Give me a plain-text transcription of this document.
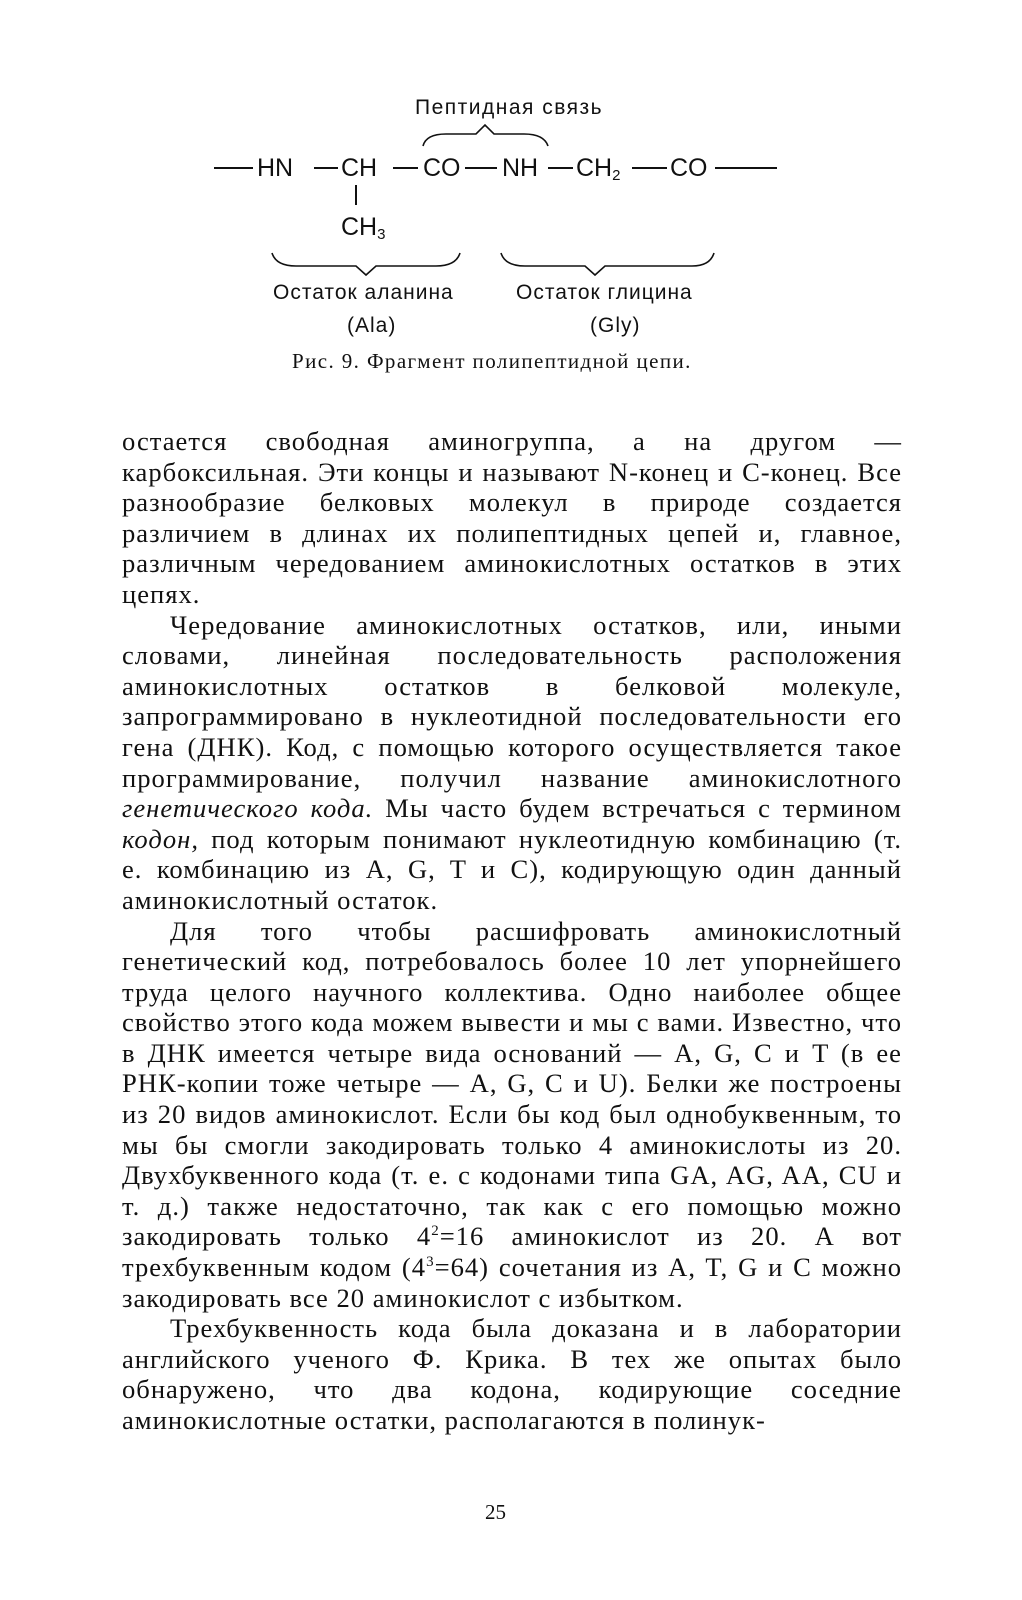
Пептидная связь
HN CH CO NH $CH_2$ CO
$CH_3$
Остаток аланина
(Ala)
Остаток глицина
(Gly)
Рис. 9. Фрагмент полипептидной цепи.

остается свободная аминогруппа, а на другом — карбоксильная. Эти концы и называют N-конец и C-конец. Все разнообразие белковых молекул в природе создается различием в длинах их полипептидных цепей и, главное, различным чередованием аминокислотных остатков в этих цепях.

Чередование аминокислотных остатков, или, иными словами, линейная последовательность расположения аминокислотных остатков в белковой молекуле, запрограммировано в нуклеотидной последовательности его гена (ДНК). Код, с помощью которого осуществляется такое программирование, получил название аминокислотного генетического кода. Мы часто будем встречаться с термином кодон, под которым понимают нуклеотидную комбинацию (т. е. комбинацию из A, G, T и C), кодирующую один данный аминокислотный остаток.

Для того чтобы расшифровать аминокислотный генетический код, потребовалось более 10 лет упорнейшего труда целого научного коллектива. Одно наиболее общее свойство этого кода можем вывести и мы с вами. Известно, что в ДНК имеется четыре вида оснований — A, G, C и T (в ее РНК-копии тоже четыре — A, G, C и U). Белки же построены из 20 видов аминокислот. Если бы код был однобуквенным, то мы бы смогли закодировать только 4 аминокислоты из 20. Двухбуквенного кода (т. е. с кодонами типа GA, AG, AA, CU и т. д.) также недостаточно, так как с его помощью можно закодировать только $4^2=16$ аминокислот из 20. А вот трехбуквенным кодом $(4^3=64)$ сочетания из A, T, G и C можно закодировать все 20 аминокислот с избытком.

Трехбуквенность кода была доказана и в лаборатории английского ученого Ф. Крика. В тех же опытах было обнаружено, что два кодона, кодирующие соседние аминокислотные остатки, располагаются в полинук-

25
